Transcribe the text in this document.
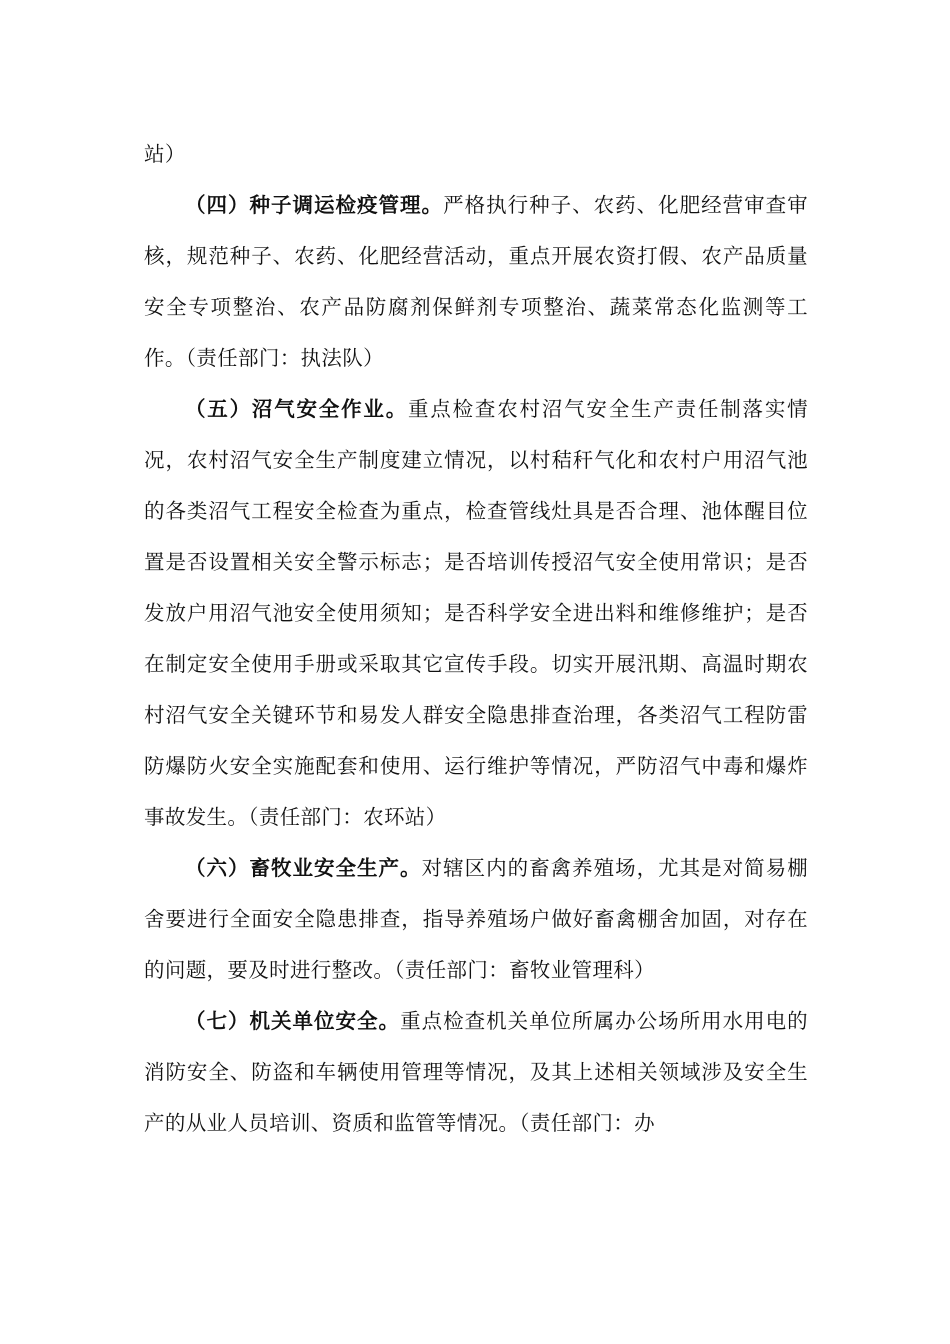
站）

（四）种子调运检疫管理。严格执行种子、农药、化肥经营审查审核，规范种子、农药、化肥经营活动，重点开展农资打假、农产品质量安全专项整治、农产品防腐剂保鲜剂专项整治、蔬菜常态化监测等工作。（责任部门：执法队）

（五）沼气安全作业。重点检查农村沼气安全生产责任制落实情况，农村沼气安全生产制度建立情况，以村秸秆气化和农村户用沼气池的各类沼气工程安全检查为重点，检查管线灶具是否合理、池体醒目位置是否设置相关安全警示标志；是否培训传授沼气安全使用常识；是否发放户用沼气池安全使用须知；是否科学安全进出料和维修维护；是否在制定安全使用手册或采取其它宣传手段。切实开展汛期、高温时期农村沼气安全关键环节和易发人群安全隐患排查治理，各类沼气工程防雷防爆防火安全实施配套和使用、运行维护等情况，严防沼气中毒和爆炸事故发生。（责任部门：农环站）

（六）畜牧业安全生产。对辖区内的畜禽养殖场，尤其是对简易棚舍要进行全面安全隐患排查，指导养殖场户做好畜禽棚舍加固，对存在的问题，要及时进行整改。（责任部门：畜牧业管理科）

（七）机关单位安全。重点检查机关单位所属办公场所用水用电的消防安全、防盗和车辆使用管理等情况，及其上述相关领域涉及安全生产的从业人员培训、资质和监管等情况。（责任部门：办
